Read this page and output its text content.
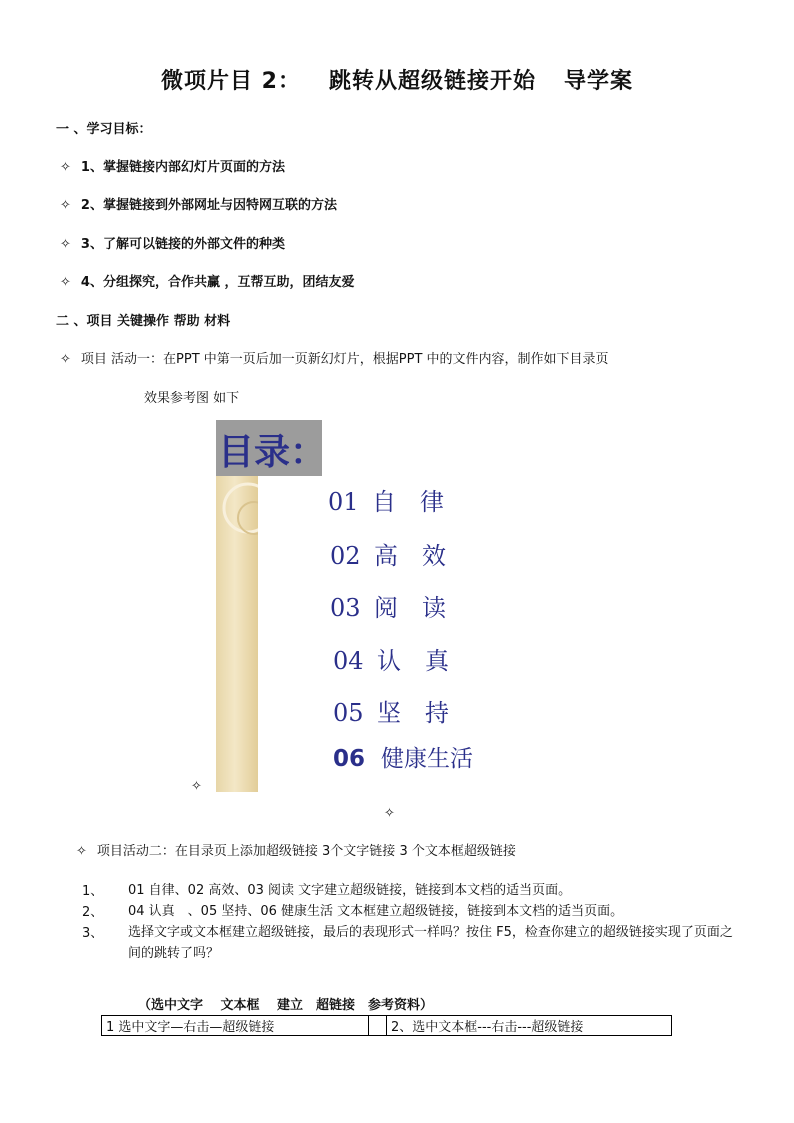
微项片目 2： 跳转从超级链接开始 导学案
一 、学习目标：
✧ 1、掌握链接内部幻灯片页面的方法
✧ 2、掌握链接到外部网址与因特网互联的方法
✧ 3、了解可以链接的外部文件的种类
✧ 4、分组探究，合作共赢 ，互帮互助，团结友爱
二 、项目 关键操作 帮助 材料
✧ 项目 活动一：在PPT 中第一页后加一页新幻灯片，根据PPT 中的文件内容，制作如下目录页
效果参考图 如下
目录：
01 自　律
02 高　效
03 阅　读
04 认　真
05 坚　持
06 健康生活
✧
✧
✧ 项目活动二：在目录页上添加超级链接 3个文字链接 3 个文本框超级链接
1、 01 自律、02 高效、03 阅读 文字建立超级链接，链接到本文档的适当页面。
2、 04 认真　、05 坚持、06 健康生活 文本框建立超级链接，链接到本文档的适当页面。
3、 选择文字或文本框建立超级链接，最后的表现形式一样吗？按住 F5，检查你建立的超级链接实现了页面之间的跳转了吗？
（选中文字　 文本框　 建立　超链接　参考资料）
1 选中文字—右击—超级链接		2、选中文本框---右击---超级链接
